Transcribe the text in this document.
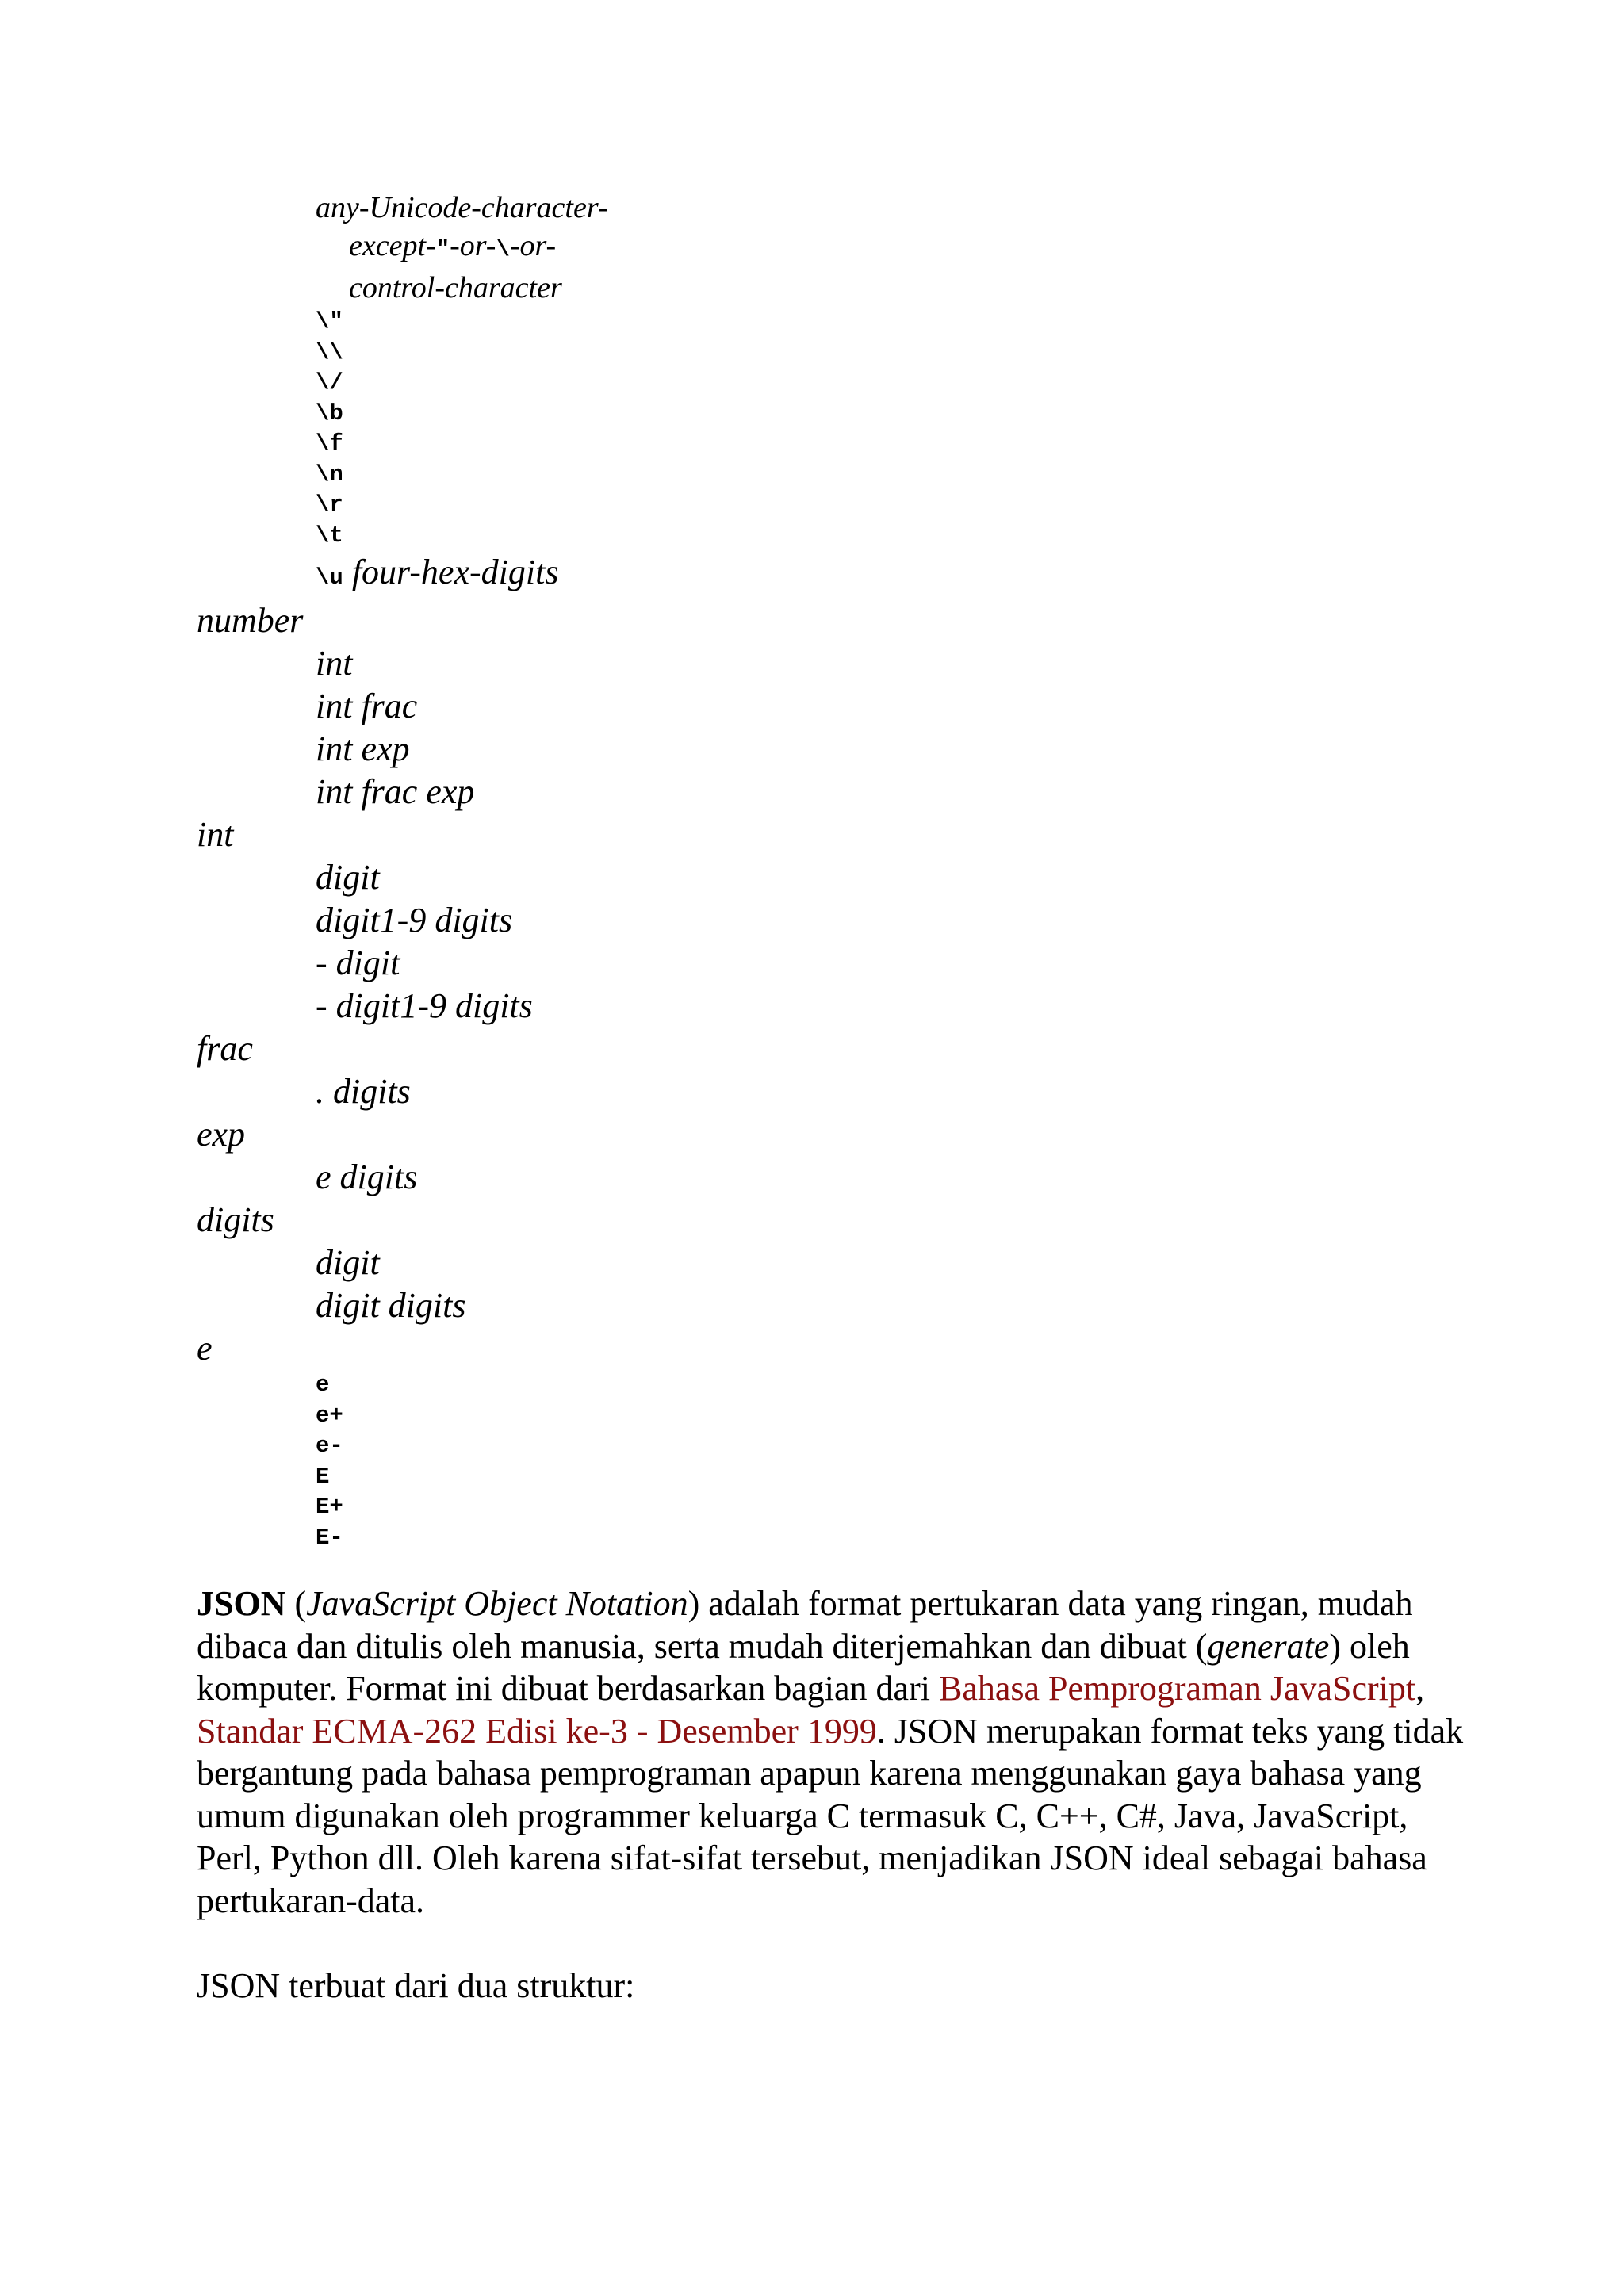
any-Unicode-character-
except-"-or-\-or-
control-character
\"
\\
\/
\b
\f
\n
\r
\t
\u four-hex-digits
number
int
int frac
int exp
int frac exp
int
digit
digit1-9 digits
- digit
- digit1-9 digits
frac
. digits
exp
e digits
digits
digit
digit digits
e
e
e+
e-
E
E+
E-

JSON (JavaScript Object Notation) adalah format pertukaran data yang ringan, mudah dibaca dan ditulis oleh manusia, serta mudah diterjemahkan dan dibuat (generate) oleh komputer. Format ini dibuat berdasarkan bagian dari Bahasa Pemprograman JavaScript, Standar ECMA-262 Edisi ke-3 - Desember 1999. JSON merupakan format teks yang tidak bergantung pada bahasa pemprograman apapun karena menggunakan gaya bahasa yang umum digunakan oleh programmer keluarga C termasuk C, C++, C#, Java, JavaScript, Perl, Python dll. Oleh karena sifat-sifat tersebut, menjadikan JSON ideal sebagai bahasa pertukaran-data.

JSON terbuat dari dua struktur:
